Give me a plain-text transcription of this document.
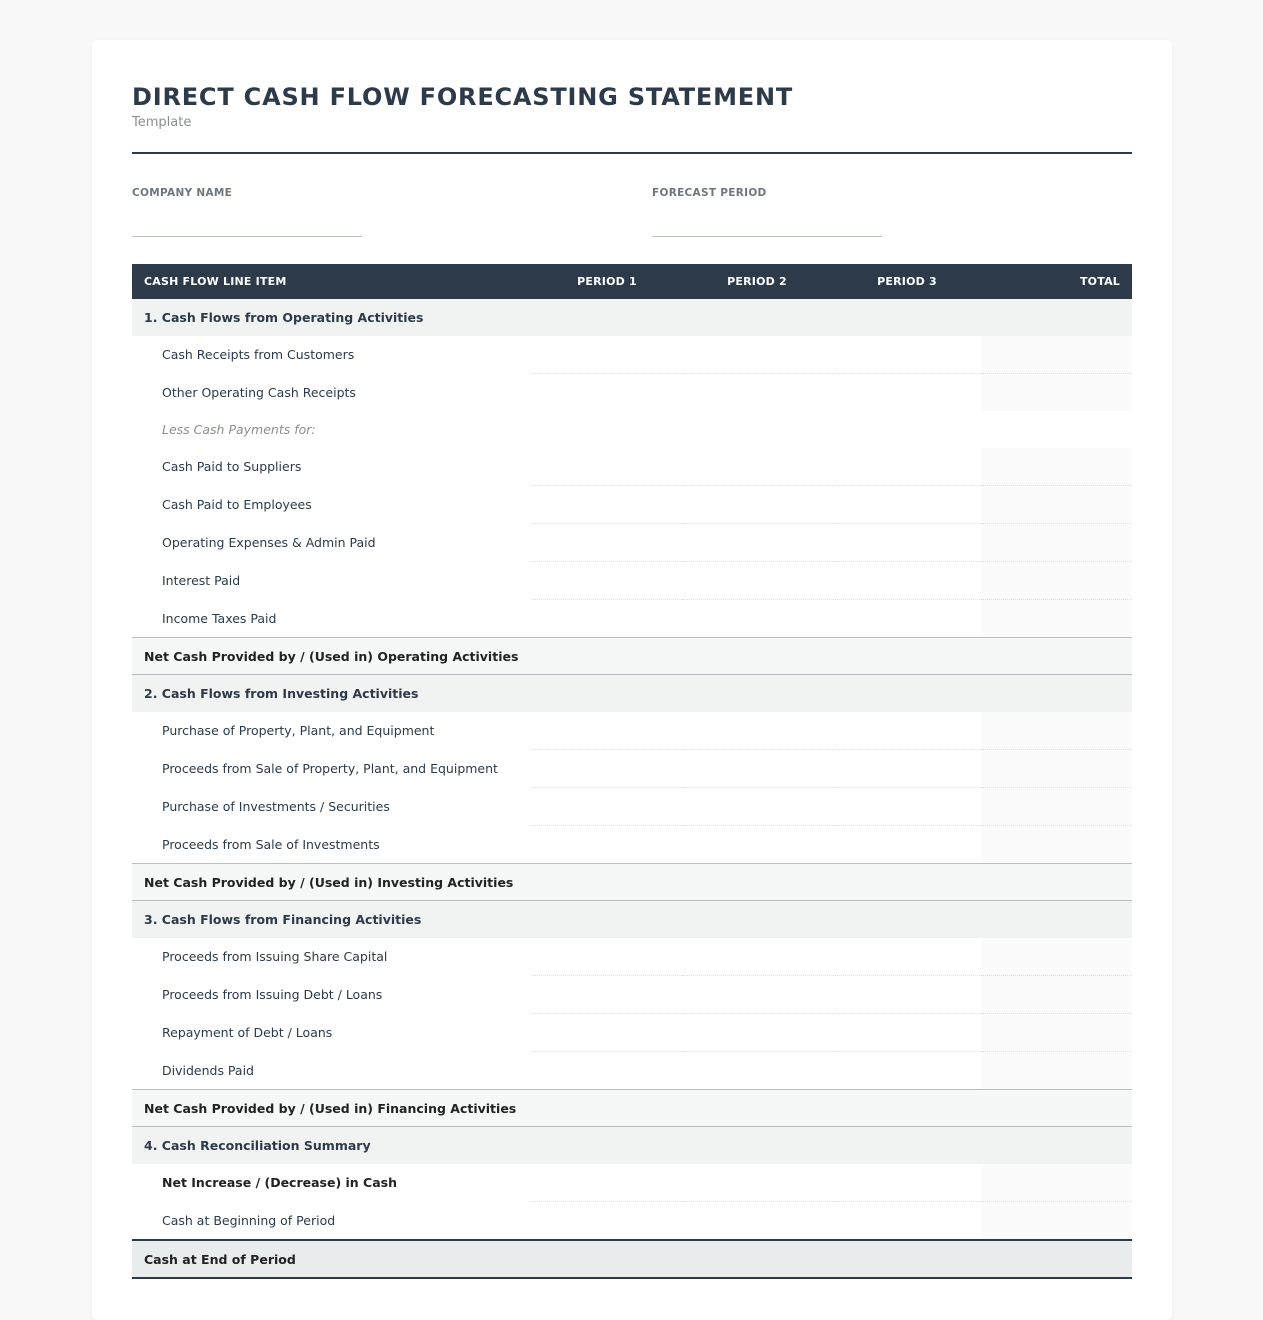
DIRECT CASH FLOW FORECASTING STATEMENT
Template
COMPANY NAME	FORECAST PERIOD
CASH FLOW LINE ITEM	PERIOD 1	PERIOD 2	PERIOD 3	TOTAL
1. Cash Flows from Operating Activities				
Cash Receipts from Customers				
Other Operating Cash Receipts				
Less Cash Payments for:				
Cash Paid to Suppliers				
Cash Paid to Employees				
Operating Expenses & Admin Paid				
Interest Paid				
Income Taxes Paid				
Net Cash Provided by / (Used in) Operating Activities				
2. Cash Flows from Investing Activities				
Purchase of Property, Plant, and Equipment				
Proceeds from Sale of Property, Plant, and Equipment				
Purchase of Investments / Securities				
Proceeds from Sale of Investments				
Net Cash Provided by / (Used in) Investing Activities				
3. Cash Flows from Financing Activities				
Proceeds from Issuing Share Capital				
Proceeds from Issuing Debt / Loans				
Repayment of Debt / Loans				
Dividends Paid				
Net Cash Provided by / (Used in) Financing Activities				
4. Cash Reconciliation Summary				
Net Increase / (Decrease) in Cash				
Cash at Beginning of Period				
Cash at End of Period				
